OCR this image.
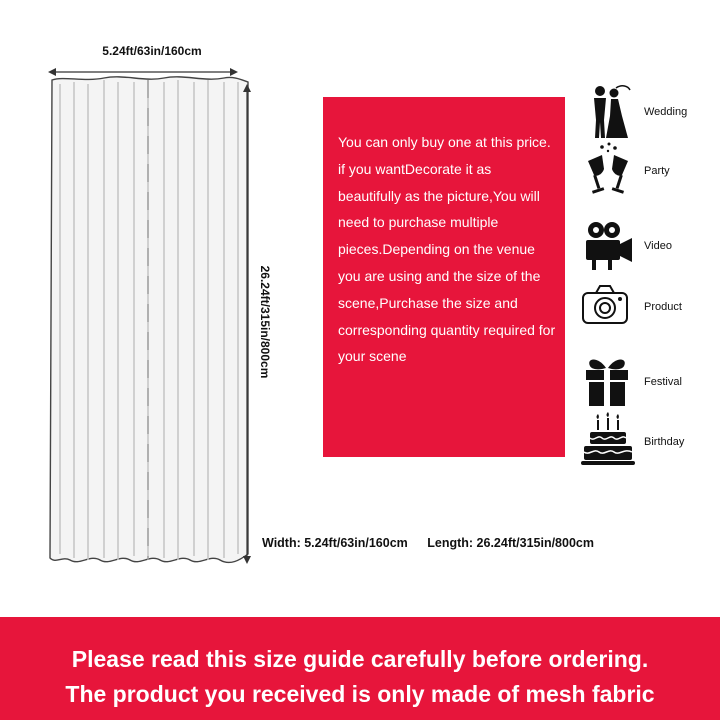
5.24ft/63in/160cm
26.24ft/315in/800cm
You can only buy one at this price. if you wantDecorate it as beautifully as the picture,You will need to purchase multiple pieces.Depending on the venue you are using and the size of the scene,Purchase the size and corresponding quantity required for your scene
Wedding
Party
Video
Product
Festival
Birthday
Width: 5.24ft/63in/160cm Length: 26.24ft/315in/800cm
Please read this size guide carefully before ordering.
The product you received is only made of mesh fabric
